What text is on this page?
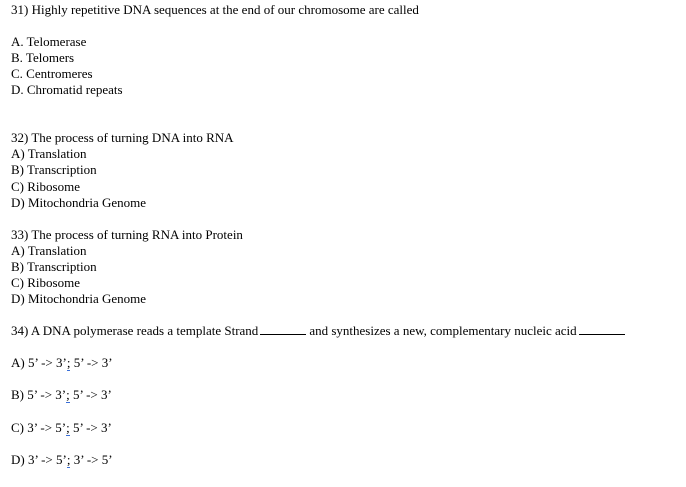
31) Highly repetitive DNA sequences at the end of our chromosome are called
A. Telomerase
B. Telomers
C. Centromeres
D. Chromatid repeats
32) The process of turning DNA into RNA
A) Translation
B) Transcription
C) Ribosome
D) Mitochondria Genome
33) The process of turning RNA into Protein
A) Translation
B) Transcription
C) Ribosome
D) Mitochondria Genome
34) A DNA polymerase reads a template Strand	and synthesizes a new, complementary nucleic acid
A) 5’ -> 3’; 5’ -> 3’
B) 5’ -> 3’; 5’ -> 3’
C) 3’ -> 5’; 5’ -> 3’
D) 3’ -> 5’; 3’ -> 5’
